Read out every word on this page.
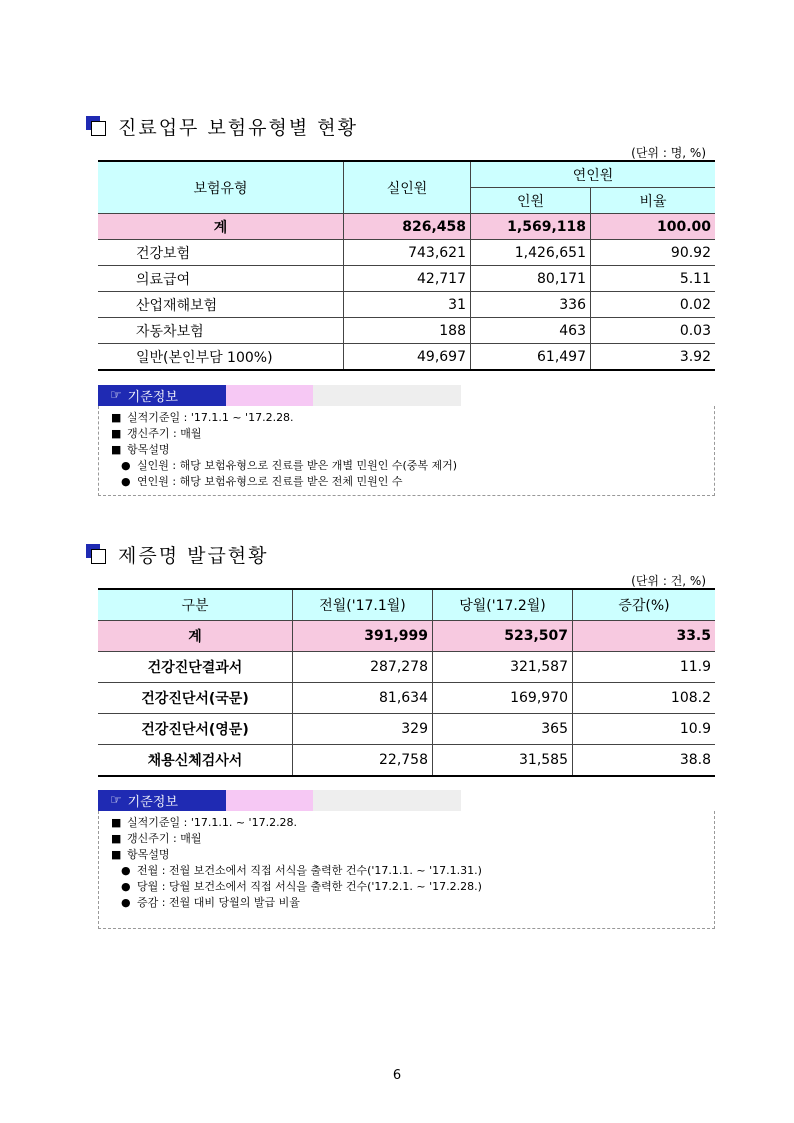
진료업무 보험유형별 현황
(단위 : 명, %)
보험유형	실인원	연인원	
		인원	비율
계	826,458	1,569,118	100.00
건강보험	743,621	1,426,651	90.92
의료급여	42,717	80,171	5.11
산업재해보험	31	336	0.02
자동차보험	188	463	0.03
일반(본인부담 100%)	49,697	61,497	3.92
☞ 기준정보
■ 실적기준일 : '17.1.1 ~ '17.2.28.
■ 갱신주기 : 매월
■ 항목설명
● 실인원 : 해당 보험유형으로 진료를 받은 개별 민원인 수(중복 제거)
● 연인원 : 해당 보험유형으로 진료를 받은 전체 민원인 수
제증명 발급현황
(단위 : 건, %)
구분	전월('17.1월)	당월('17.2월)	증감(%)
계	391,999	523,507	33.5
건강진단결과서	287,278	321,587	11.9
건강진단서(국문)	81,634	169,970	108.2
건강진단서(영문)	329	365	10.9
채용신체검사서	22,758	31,585	38.8
☞ 기준정보
■ 실적기준일 : '17.1.1. ~ '17.2.28.
■ 갱신주기 : 매월
■ 항목설명
● 전월 : 전월 보건소에서 직접 서식을 출력한 건수('17.1.1. ~ '17.1.31.)
● 당월 : 당월 보건소에서 직접 서식을 출력한 건수('17.2.1. ~ '17.2.28.)
● 증감 : 전월 대비 당월의 발급 비율
6
